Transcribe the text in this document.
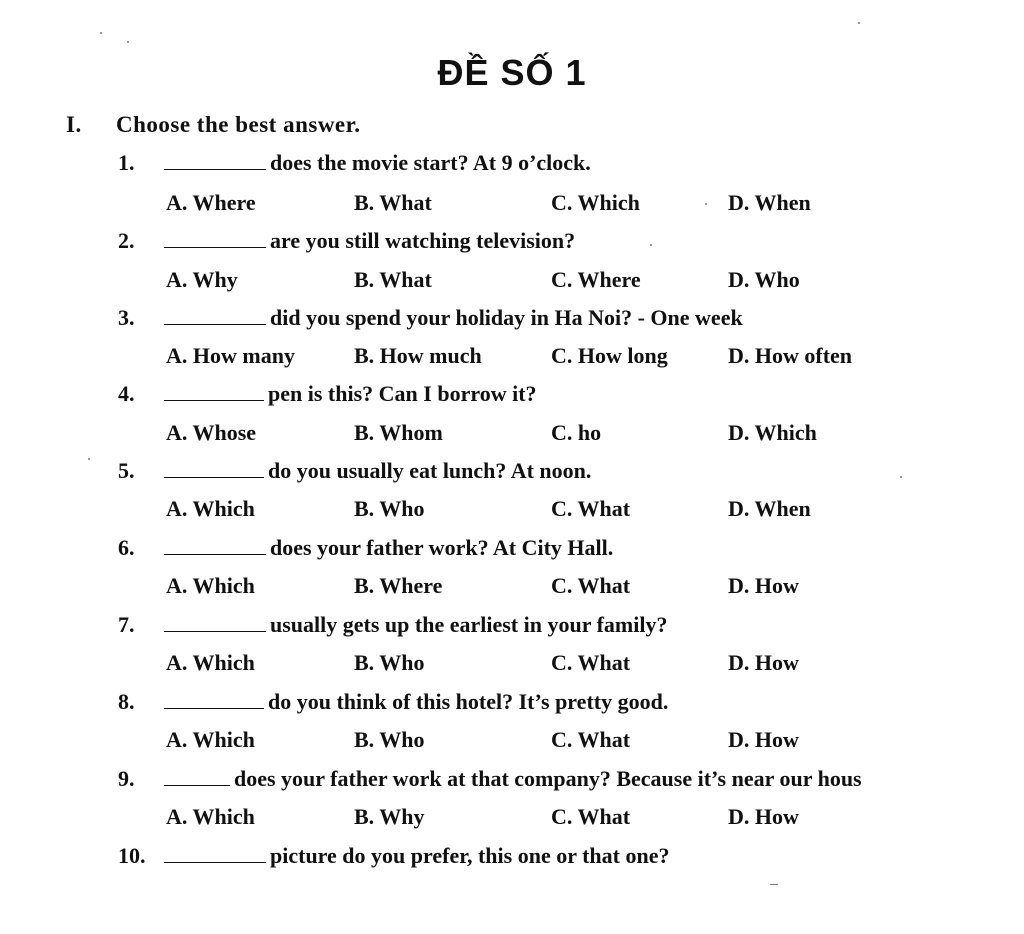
ĐỀ SỐ 1
I. Choose the best answer.
1.	does the movie start? At 9 o’clock.
A. Where	B. What	C. Which	D. When
2.	are you still watching television?
A. Why	B. What	C. Where	D. Who
3.	did you spend your holiday in Ha Noi? - One week
A. How many	B. How much	C. How long	D. How often
4.	pen is this? Can I borrow it?
A. Whose	B. Whom	C. ho	D. Which
5.	do you usually eat lunch? At noon.
A. Which	B. Who	C. What	D. When
6.	does your father work? At City Hall.
A. Which	B. Where	C. What	D. How
7.	usually gets up the earliest in your family?
A. Which	B. Who	C. What	D. How
8.	do you think of this hotel? It’s pretty good.
A. Which	B. Who	C. What	D. How
9.	does your father work at that company? Because it’s near our hous
A. Which	B. Why	C. What	D. How
10.	picture do you prefer, this one or that one?
